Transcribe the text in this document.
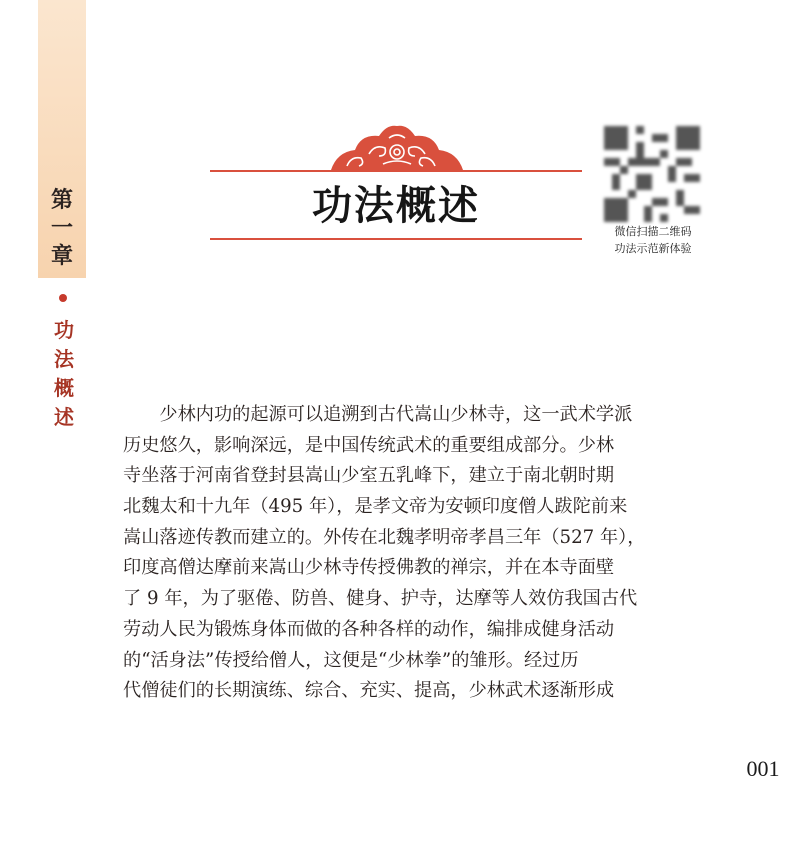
第
一
章
功
法
概
述
功法概述
微信扫描二维码
功法示范新体验
　　少林内功的起源可以追溯到古代嵩山少林寺，这一武术学派
历史悠久，影响深远，是中国传统武术的重要组成部分。少林
寺坐落于河南省登封县嵩山少室五乳峰下，建立于南北朝时期
北魏太和十九年（495 年），是孝文帝为安顿印度僧人跋陀前来
嵩山落迹传教而建立的。外传在北魏孝明帝孝昌三年（527 年），
印度高僧达摩前来嵩山少林寺传授佛教的禅宗，并在本寺面壁
了 9 年，为了驱倦、防兽、健身、护寺，达摩等人效仿我国古代
劳动人民为锻炼身体而做的各种各样的动作，编排成健身活动
的“活身法”传授给僧人，这便是“少林拳”的雏形。经过历
代僧徒们的长期演练、综合、充实、提高，少林武术逐渐形成
001
